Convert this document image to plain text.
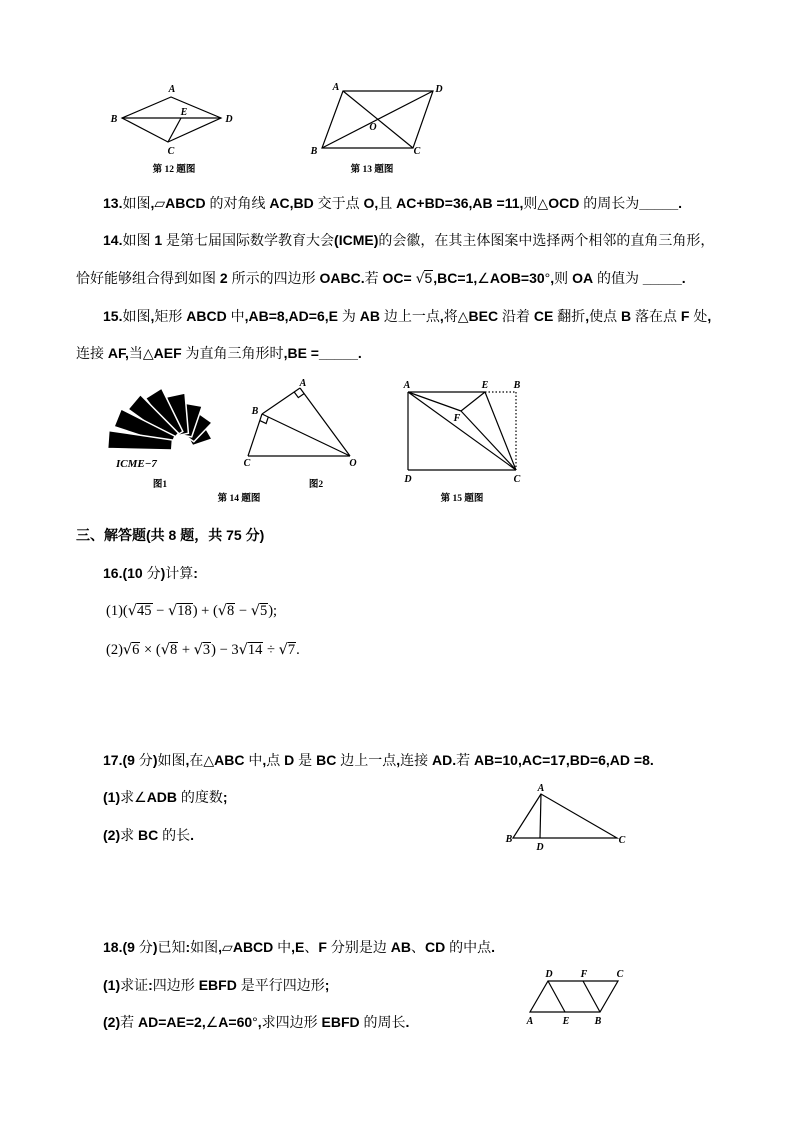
A
B
E
D
C
第 12 题图
A	D
O
B	C
第 13 题图
ICME−7
图1
A
B
C	O
图2
第 14 题图
A	E	B
F
D	C
第 15 题图
A
B
D
C
D	F	C
A	E	B
13.如图,▱ABCD 的对角线 AC,BD 交于点 O,且 AC+BD=36,AB =11,则△OCD 的周长为_____.
14.如图 1 是第七届国际数学教育大会(ICME)的会徽，在其主体图案中选择两个相邻的直角三角形，
恰好能够组合得到如图 2 所示的四边形 OABC.若 OC= √5,BC=1,∠AOB=30°,则 OA 的值为 _____.
15.如图,矩形 ABCD 中,AB=8,AD=6,E 为 AB 边上一点,将△BEC 沿着 CE 翻折,使点 B 落在点 F 处,
连接 AF,当△AEF 为直角三角形时,BE =_____.
三、解答题(共 8 题，共 75 分)
16.(10 分)计算:
(1)(√45 − √18) + (√8 − √5);
(2)√6 × (√8 + √3) − 3√14 ÷ √7.
17.(9 分)如图,在△ABC 中,点 D 是 BC 边上一点,连接 AD.若 AB=10,AC=17,BD=6,AD =8.
(1)求∠ADB 的度数;
(2)求 BC 的长.
18.(9 分)已知:如图,▱ABCD 中,E、F 分别是边 AB、CD 的中点.
(1)求证:四边形 EBFD 是平行四边形;
(2)若 AD=AE=2,∠A=60°,求四边形 EBFD 的周长.
